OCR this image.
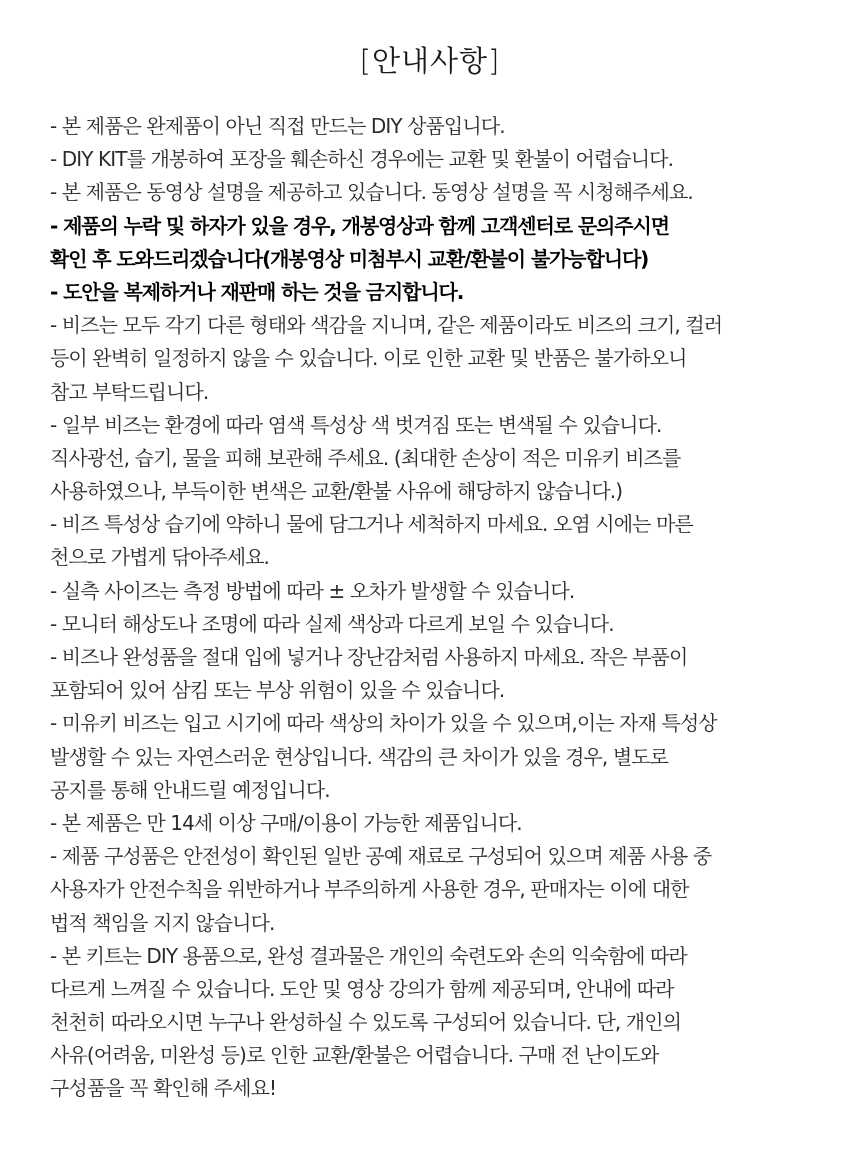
[안내사항]
- 본 제품은 완제품이 아닌 직접 만드는 DIY 상품입니다.
- DIY KIT를 개봉하여 포장을 훼손하신 경우에는 교환 및 환불이 어렵습니다.
- 본 제품은 동영상 설명을 제공하고 있습니다. 동영상 설명을 꼭 시청해주세요.
- 제품의 누락 및 하자가 있을 경우, 개봉영상과 함께 고객센터로 문의주시면
확인 후 도와드리겠습니다(개봉영상 미첨부시 교환/환불이 불가능합니다)
- 도안을 복제하거나 재판매 하는 것을 금지합니다.
- 비즈는 모두 각기 다른 형태와 색감을 지니며, 같은 제품이라도 비즈의 크기, 컬러
등이 완벽히 일정하지 않을 수 있습니다. 이로 인한 교환 및 반품은 불가하오니
참고 부탁드립니다.
- 일부 비즈는 환경에 따라 염색 특성상 색 벗겨짐 또는 변색될 수 있습니다.
직사광선, 습기, 물을 피해 보관해 주세요. (최대한 손상이 적은 미유키 비즈를
사용하였으나, 부득이한 변색은 교환/환불 사유에 해당하지 않습니다.)
- 비즈 특성상 습기에 약하니 물에 담그거나 세척하지 마세요. 오염 시에는 마른
천으로 가볍게 닦아주세요.
- 실측 사이즈는 측정 방법에 따라 ± 오차가 발생할 수 있습니다.
- 모니터 해상도나 조명에 따라 실제 색상과 다르게 보일 수 있습니다.
- 비즈나 완성품을 절대 입에 넣거나 장난감처럼 사용하지 마세요. 작은 부품이
포함되어 있어 삼킴 또는 부상 위험이 있을 수 있습니다.
- 미유키 비즈는 입고 시기에 따라 색상의 차이가 있을 수 있으며,이는 자재 특성상
발생할 수 있는 자연스러운 현상입니다. 색감의 큰 차이가 있을 경우, 별도로
공지를 통해 안내드릴 예정입니다.
- 본 제품은 만 14세 이상 구매/이용이 가능한 제품입니다.
- 제품 구성품은 안전성이 확인된 일반 공예 재료로 구성되어 있으며 제품 사용 중
사용자가 안전수칙을 위반하거나 부주의하게 사용한 경우, 판매자는 이에 대한
법적 책임을 지지 않습니다.
- 본 키트는 DIY 용품으로, 완성 결과물은 개인의 숙련도와 손의 익숙함에 따라
다르게 느껴질 수 있습니다. 도안 및 영상 강의가 함께 제공되며, 안내에 따라
천천히 따라오시면 누구나 완성하실 수 있도록 구성되어 있습니다. 단, 개인의
사유(어려움, 미완성 등)로 인한 교환/환불은 어렵습니다. 구매 전 난이도와
구성품을 꼭 확인해 주세요!
